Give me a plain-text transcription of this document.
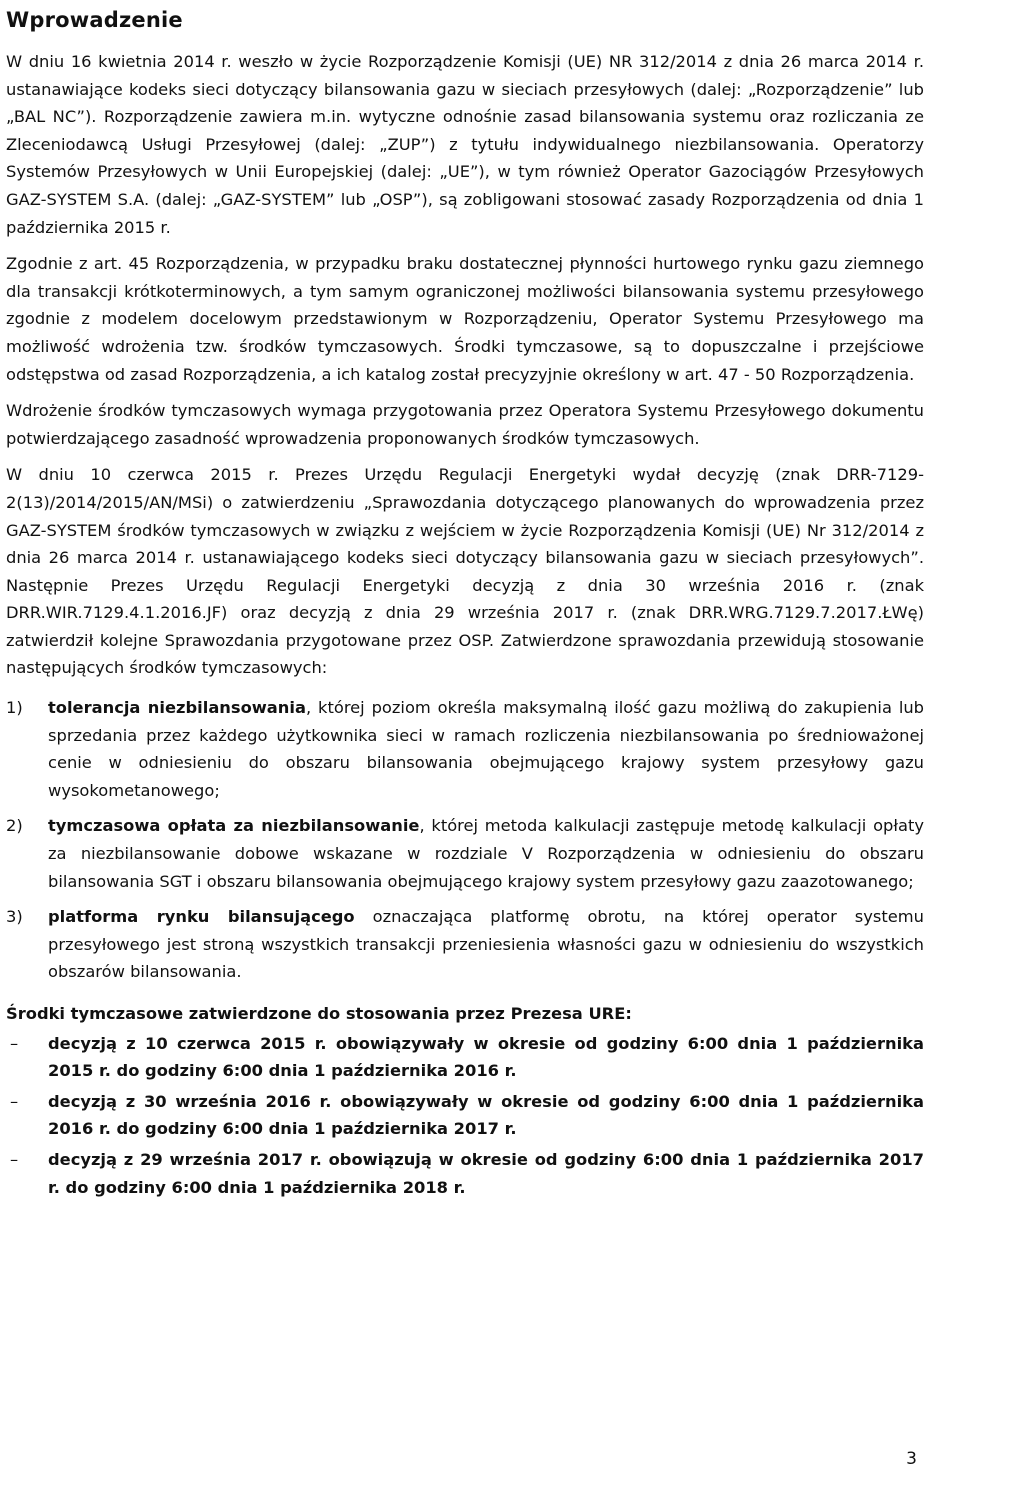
Wprowadzenie

W dniu 16 kwietnia 2014 r. weszło w życie Rozporządzenie Komisji (UE) NR 312/2014 z dnia 26 marca 2014 r. ustanawiające kodeks sieci dotyczący bilansowania gazu w sieciach przesyłowych (dalej: „Rozporządzenie” lub „BAL NC”). Rozporządzenie zawiera m.in. wytyczne odnośnie zasad bilansowania systemu oraz rozliczania ze Zleceniodawcą Usługi Przesyłowej (dalej: „ZUP”) z tytułu indywidualnego niezbilansowania. Operatorzy Systemów Przesyłowych w Unii Europejskiej (dalej: „UE”), w tym również Operator Gazociągów Przesyłowych GAZ-SYSTEM S.A. (dalej: „GAZ-SYSTEM” lub „OSP”), są zobligowani stosować zasady Rozporządzenia od dnia 1 października 2015 r.

Zgodnie z art. 45 Rozporządzenia, w przypadku braku dostatecznej płynności hurtowego rynku gazu ziemnego dla transakcji krótkoterminowych, a tym samym ograniczonej możliwości bilansowania systemu przesyłowego zgodnie z modelem docelowym przedstawionym w Rozporządzeniu, Operator Systemu Przesyłowego ma możliwość wdrożenia tzw. środków tymczasowych. Środki tymczasowe, są to dopuszczalne i przejściowe odstępstwa od zasad Rozporządzenia, a ich katalog został precyzyjnie określony w art. 47 - 50 Rozporządzenia.

Wdrożenie środków tymczasowych wymaga przygotowania przez Operatora Systemu Przesyłowego dokumentu potwierdzającego zasadność wprowadzenia proponowanych środków tymczasowych.

W dniu 10 czerwca 2015 r. Prezes Urzędu Regulacji Energetyki wydał decyzję (znak DRR-7129-2(13)/2014/2015/AN/MSi) o zatwierdzeniu „Sprawozdania dotyczącego planowanych do wprowadzenia przez GAZ-SYSTEM środków tymczasowych w związku z wejściem w życie Rozporządzenia Komisji (UE) Nr 312/2014 z dnia 26 marca 2014 r. ustanawiającego kodeks sieci dotyczący bilansowania gazu w sieciach przesyłowych”. Następnie Prezes Urzędu Regulacji Energetyki decyzją z dnia 30 września 2016 r. (znak DRR.WIR.7129.4.1.2016.JF) oraz decyzją z dnia 29 września 2017 r. (znak DRR.WRG.7129.7.2017.ŁWę) zatwierdził kolejne Sprawozdania przygotowane przez OSP. Zatwierdzone sprawozdania przewidują stosowanie następujących środków tymczasowych:

1) tolerancja niezbilansowania, której poziom określa maksymalną ilość gazu możliwą do zakupienia lub sprzedania przez każdego użytkownika sieci w ramach rozliczenia niezbilansowania po średnioważonej cenie w odniesieniu do obszaru bilansowania obejmującego krajowy system przesyłowy gazu wysokometanowego;
2) tymczasowa opłata za niezbilansowanie, której metoda kalkulacji zastępuje metodę kalkulacji opłaty za niezbilansowanie dobowe wskazane w rozdziale V Rozporządzenia w odniesieniu do obszaru bilansowania SGT i obszaru bilansowania obejmującego krajowy system przesyłowy gazu zaazotowanego;
3) platforma rynku bilansującego oznaczająca platformę obrotu, na której operator systemu przesyłowego jest stroną wszystkich transakcji przeniesienia własności gazu w odniesieniu do wszystkich obszarów bilansowania.
Środki tymczasowe zatwierdzone do stosowania przez Prezesa URE:
– decyzją z 10 czerwca 2015 r. obowiązywały w okresie od godziny 6:00 dnia 1 października 2015 r. do godziny 6:00 dnia 1 października 2016 r.
– decyzją z 30 września 2016 r. obowiązywały w okresie od godziny 6:00 dnia 1 października 2016 r. do godziny 6:00 dnia 1 października 2017 r.
– decyzją z 29 września 2017 r. obowiązują w okresie od godziny 6:00 dnia 1 października 2017 r. do godziny 6:00 dnia 1 października 2018 r.
3
